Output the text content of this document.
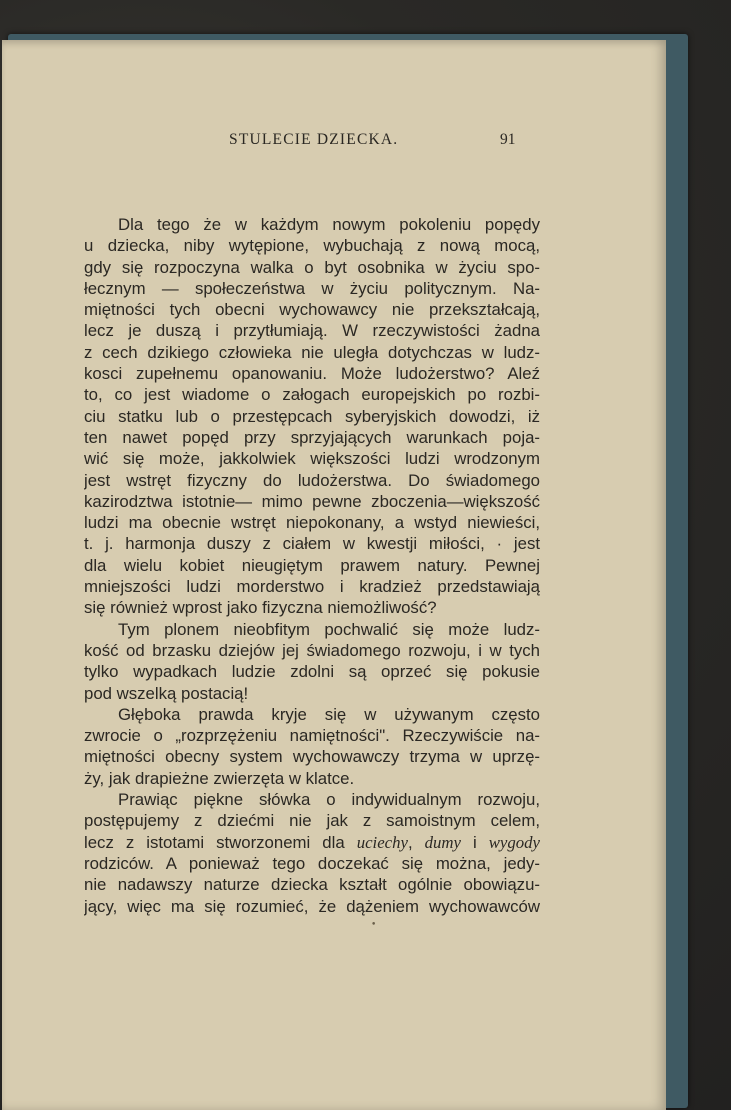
STULECIE DZIECKA.	91
Dla tego że w każdym nowym pokoleniu popędy
u dziecka, niby wytępione, wybuchają z nową mocą,
gdy się rozpoczyna walka o byt osobnika w życiu spo-
łecznym — społeczeństwa w życiu politycznym. Na-
miętności tych obecni wychowawcy nie przekształcają,
lecz je duszą i przytłumiają. W rzeczywistości żadna
z cech dzikiego człowieka nie uległa dotychczas w ludz-
kosci zupełnemu opanowaniu. Może ludożerstwo? Aleź
to, co jest wiadome o załogach europejskich po rozbi-
ciu statku lub o przestępcach syberyjskich dowodzi, iż
ten nawet popęd przy sprzyjających warunkach poja-
wić się może, jakkolwiek większości ludzi wrodzonym
jest wstręt fizyczny do ludożerstwa. Do świadomego
kazirodztwa istotnie— mimo pewne zboczenia—większość
ludzi ma obecnie wstręt niepokonany, a wstyd niewieści,
t. j. harmonja duszy z ciałem w kwestji miłości, · jest
dla wielu kobiet nieugiętym prawem natury. Pewnej
mniejszości ludzi morderstwo i kradzież przedstawiają
się również wprost jako fizyczna niemożliwość?
Tym plonem nieobfitym pochwalić się może ludz-
kość od brzasku dziejów jej świadomego rozwoju, i w tych
tylko wypadkach ludzie zdolni są oprzeć się pokusie
pod wszelką postacią!
Głęboka prawda kryje się w używanym często
zwrocie o „rozprzężeniu namiętności". Rzeczywiście na-
miętności obecny system wychowawczy trzyma w uprzę-
ży, jak drapieżne zwierzęta w klatce.
Prawiąc piękne słówka o indywidualnym rozwoju,
postępujemy z dziećmi nie jak z samoistnym celem,
lecz z istotami stworzonemi dla uciechy, dumy i wygody
rodziców. A ponieważ tego doczekać się można, jedy-
nie nadawszy naturze dziecka kształt ogólnie obowiązu-
jący, więc ma się rozumieć, że dążeniem wychowawców
•
